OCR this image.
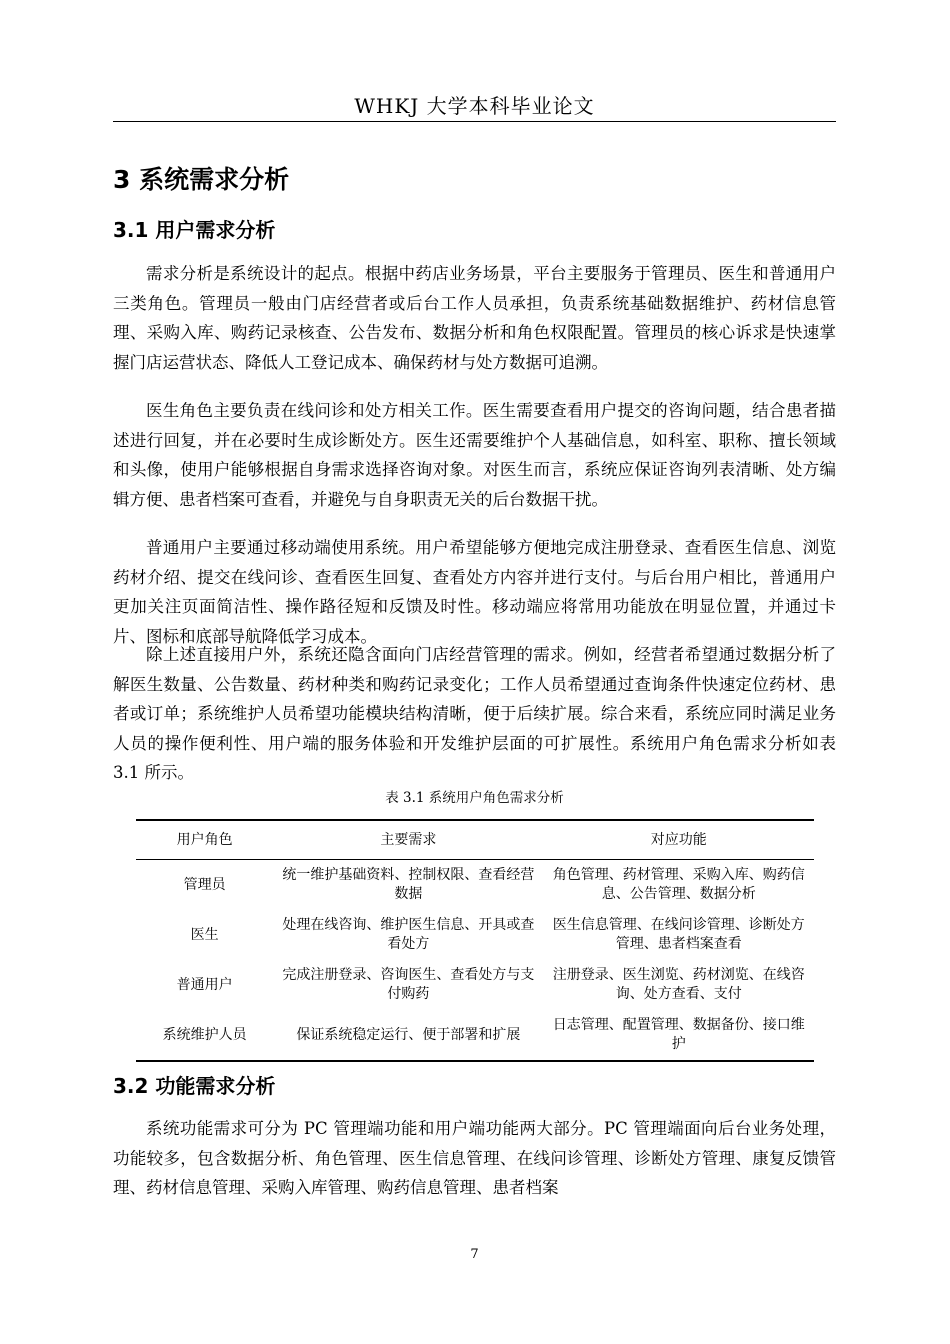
WHKJ 大学本科毕业论文
3 系统需求分析
3.1 用户需求分析

需求分析是系统设计的起点。根据中药店业务场景，平台主要服务于管理员、医生和普通用户三类角色。管理员一般由门店经营者或后台工作人员承担，负责系统基础数据维护、药材信息管理、采购入库、购药记录核查、公告发布、数据分析和角色权限配置。管理员的核心诉求是快速掌握门店运营状态、降低人工登记成本、确保药材与处方数据可追溯。

医生角色主要负责在线问诊和处方相关工作。医生需要查看用户提交的咨询问题，结合患者描述进行回复，并在必要时生成诊断处方。医生还需要维护个人基础信息，如科室、职称、擅长领域和头像，使用户能够根据自身需求选择咨询对象。对医生而言，系统应保证咨询列表清晰、处方编辑方便、患者档案可查看，并避免与自身职责无关的后台数据干扰。

普通用户主要通过移动端使用系统。用户希望能够方便地完成注册登录、查看医生信息、浏览药材介绍、提交在线问诊、查看医生回复、查看处方内容并进行支付。与后台用户相比，普通用户更加关注页面简洁性、操作路径短和反馈及时性。移动端应将常用功能放在明显位置，并通过卡片、图标和底部导航降低学习成本。

除上述直接用户外，系统还隐含面向门店经营管理的需求。例如，经营者希望通过数据分析了解医生数量、公告数量、药材种类和购药记录变化；工作人员希望通过查询条件快速定位药材、患者或订单；系统维护人员希望功能模块结构清晰，便于后续扩展。综合来看，系统应同时满足业务人员的操作便利性、用户端的服务体验和开发维护层面的可扩展性。系统用户角色需求分析如表 3.1 所示。

表 3.1 系统用户角色需求分析
用户角色	主要需求	对应功能
管理员	统一维护基础资料、控制权限、查看经营数据	角色管理、药材管理、采购入库、购药信息、公告管理、数据分析
医生	处理在线咨询、维护医生信息、开具或查看处方	医生信息管理、在线问诊管理、诊断处方管理、患者档案查看
普通用户	完成注册登录、咨询医生、查看处方与支付购药	注册登录、医生浏览、药材浏览、在线咨询、处方查看、支付
系统维护人员	保证系统稳定运行、便于部署和扩展	日志管理、配置管理、数据备份、接口维护
3.2 功能需求分析

系统功能需求可分为 PC 管理端功能和用户端功能两大部分。PC 管理端面向后台业务处理，功能较多，包含数据分析、角色管理、医生信息管理、在线问诊管理、诊断处方管理、康复反馈管理、药材信息管理、采购入库管理、购药信息管理、患者档案

7
